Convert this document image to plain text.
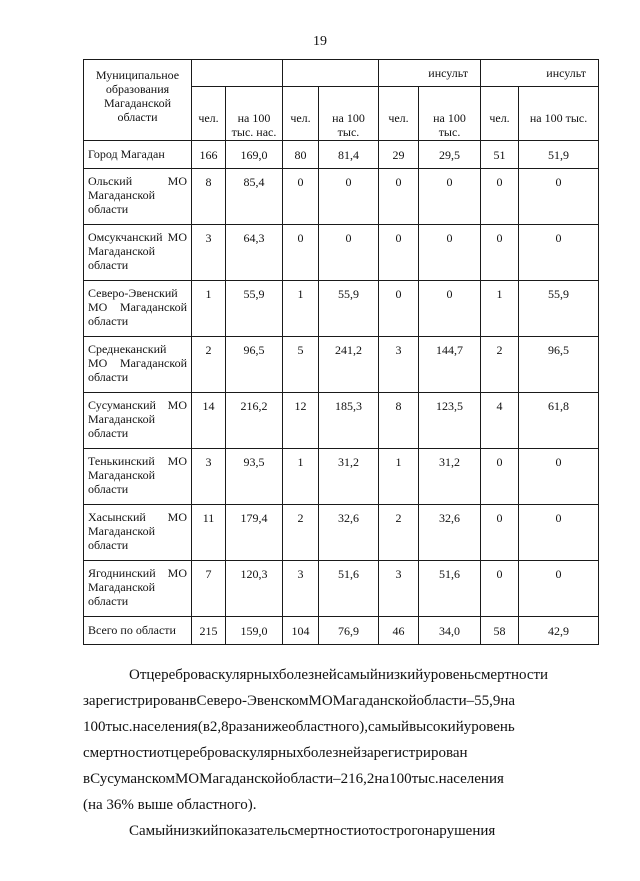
19
Муниципальное образования Магаданской области					инсульт		инсульт	
	чел.	на 100 тыс. нас.	чел.	на 100 тыс.	чел.	на 100 тыс.	чел.	на 100 тыс.
Город Магадан	166	169,0	80	81,4	29	29,5	51	51,9
Ольский МО Магаданской области	8	85,4	0	0	0	0	0	0
Омсукчанский МО Магаданской области	3	64,3	0	0	0	0	0	0
Северо-Эвенский МО Магаданской области	1	55,9	1	55,9	0	0	1	55,9
Среднеканский МО Магаданской области	2	96,5	5	241,2	3	144,7	2	96,5
Сусуманский МО Магаданской области	14	216,2	12	185,3	8	123,5	4	61,8
Тенькинский МО Магаданской области	3	93,5	1	31,2	1	31,2	0	0
Хасынский МО Магаданской области	11	179,4	2	32,6	2	32,6	0	0
Ягоднинский МО Магаданской области	7	120,3	3	51,6	3	51,6	0	0
Всего по области	215	159,0	104	76,9	46	34,0	58	42,9
Отцереброваскулярныхболезнейсамыйнизкийуровеньсмертности
зарегистрированвСеверо-ЭвенскомМОМагаданскойобласти–55,9на
100тыс.населения(в2,8разанижеобластного),самыйвысокийуровень
смертностиотцереброваскулярныхболезнейзарегистрирован
вСусуманскомМОМагаданскойобласти–216,2на100тыс.населения
(на 36% выше областного).
Самыйнизкийпоказательсмертностиотострогонарушения
